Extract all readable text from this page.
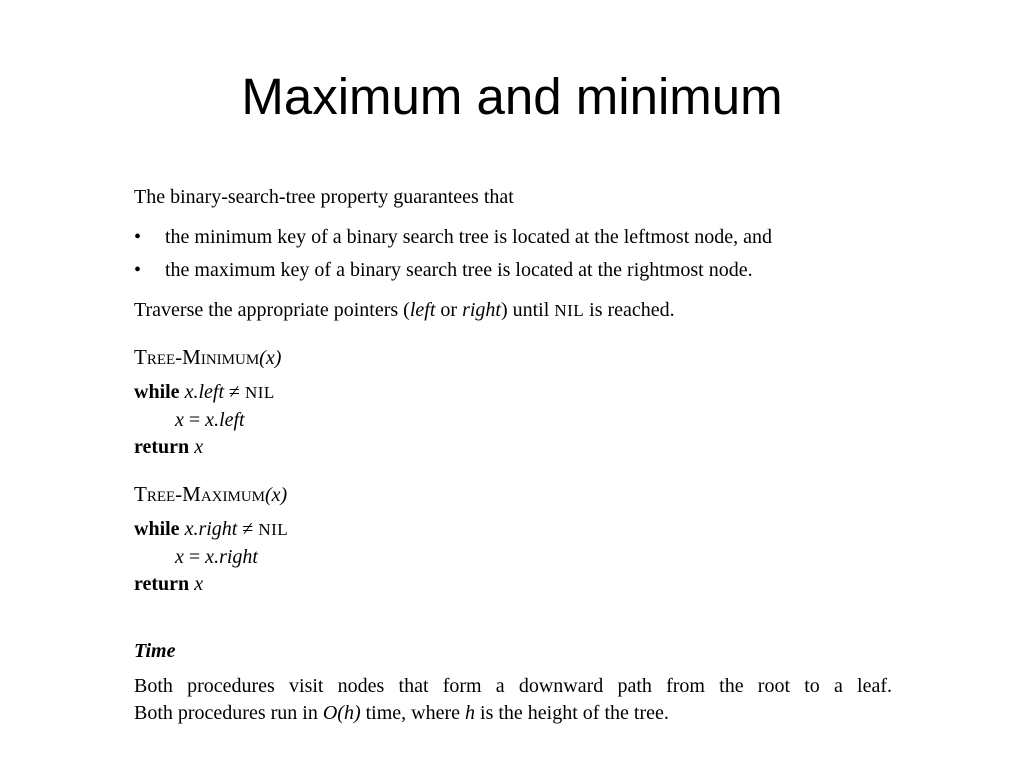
Maximum and minimum
The binary-search-tree property guarantees that
• the minimum key of a binary search tree is located at the leftmost node, and
• the maximum key of a binary search tree is located at the rightmost node.
Traverse the appropriate pointers (left or right) until NIL is reached.
Tree-Minimum(x)
while x.left ≠ NIL
x = x.left
return x
Tree-Maximum(x)
while x.right ≠ NIL
x = x.right
return x
Time
Both procedures visit nodes that form a downward path from the root to a leaf.
Both procedures run in O(h) time, where h is the height of the tree.
